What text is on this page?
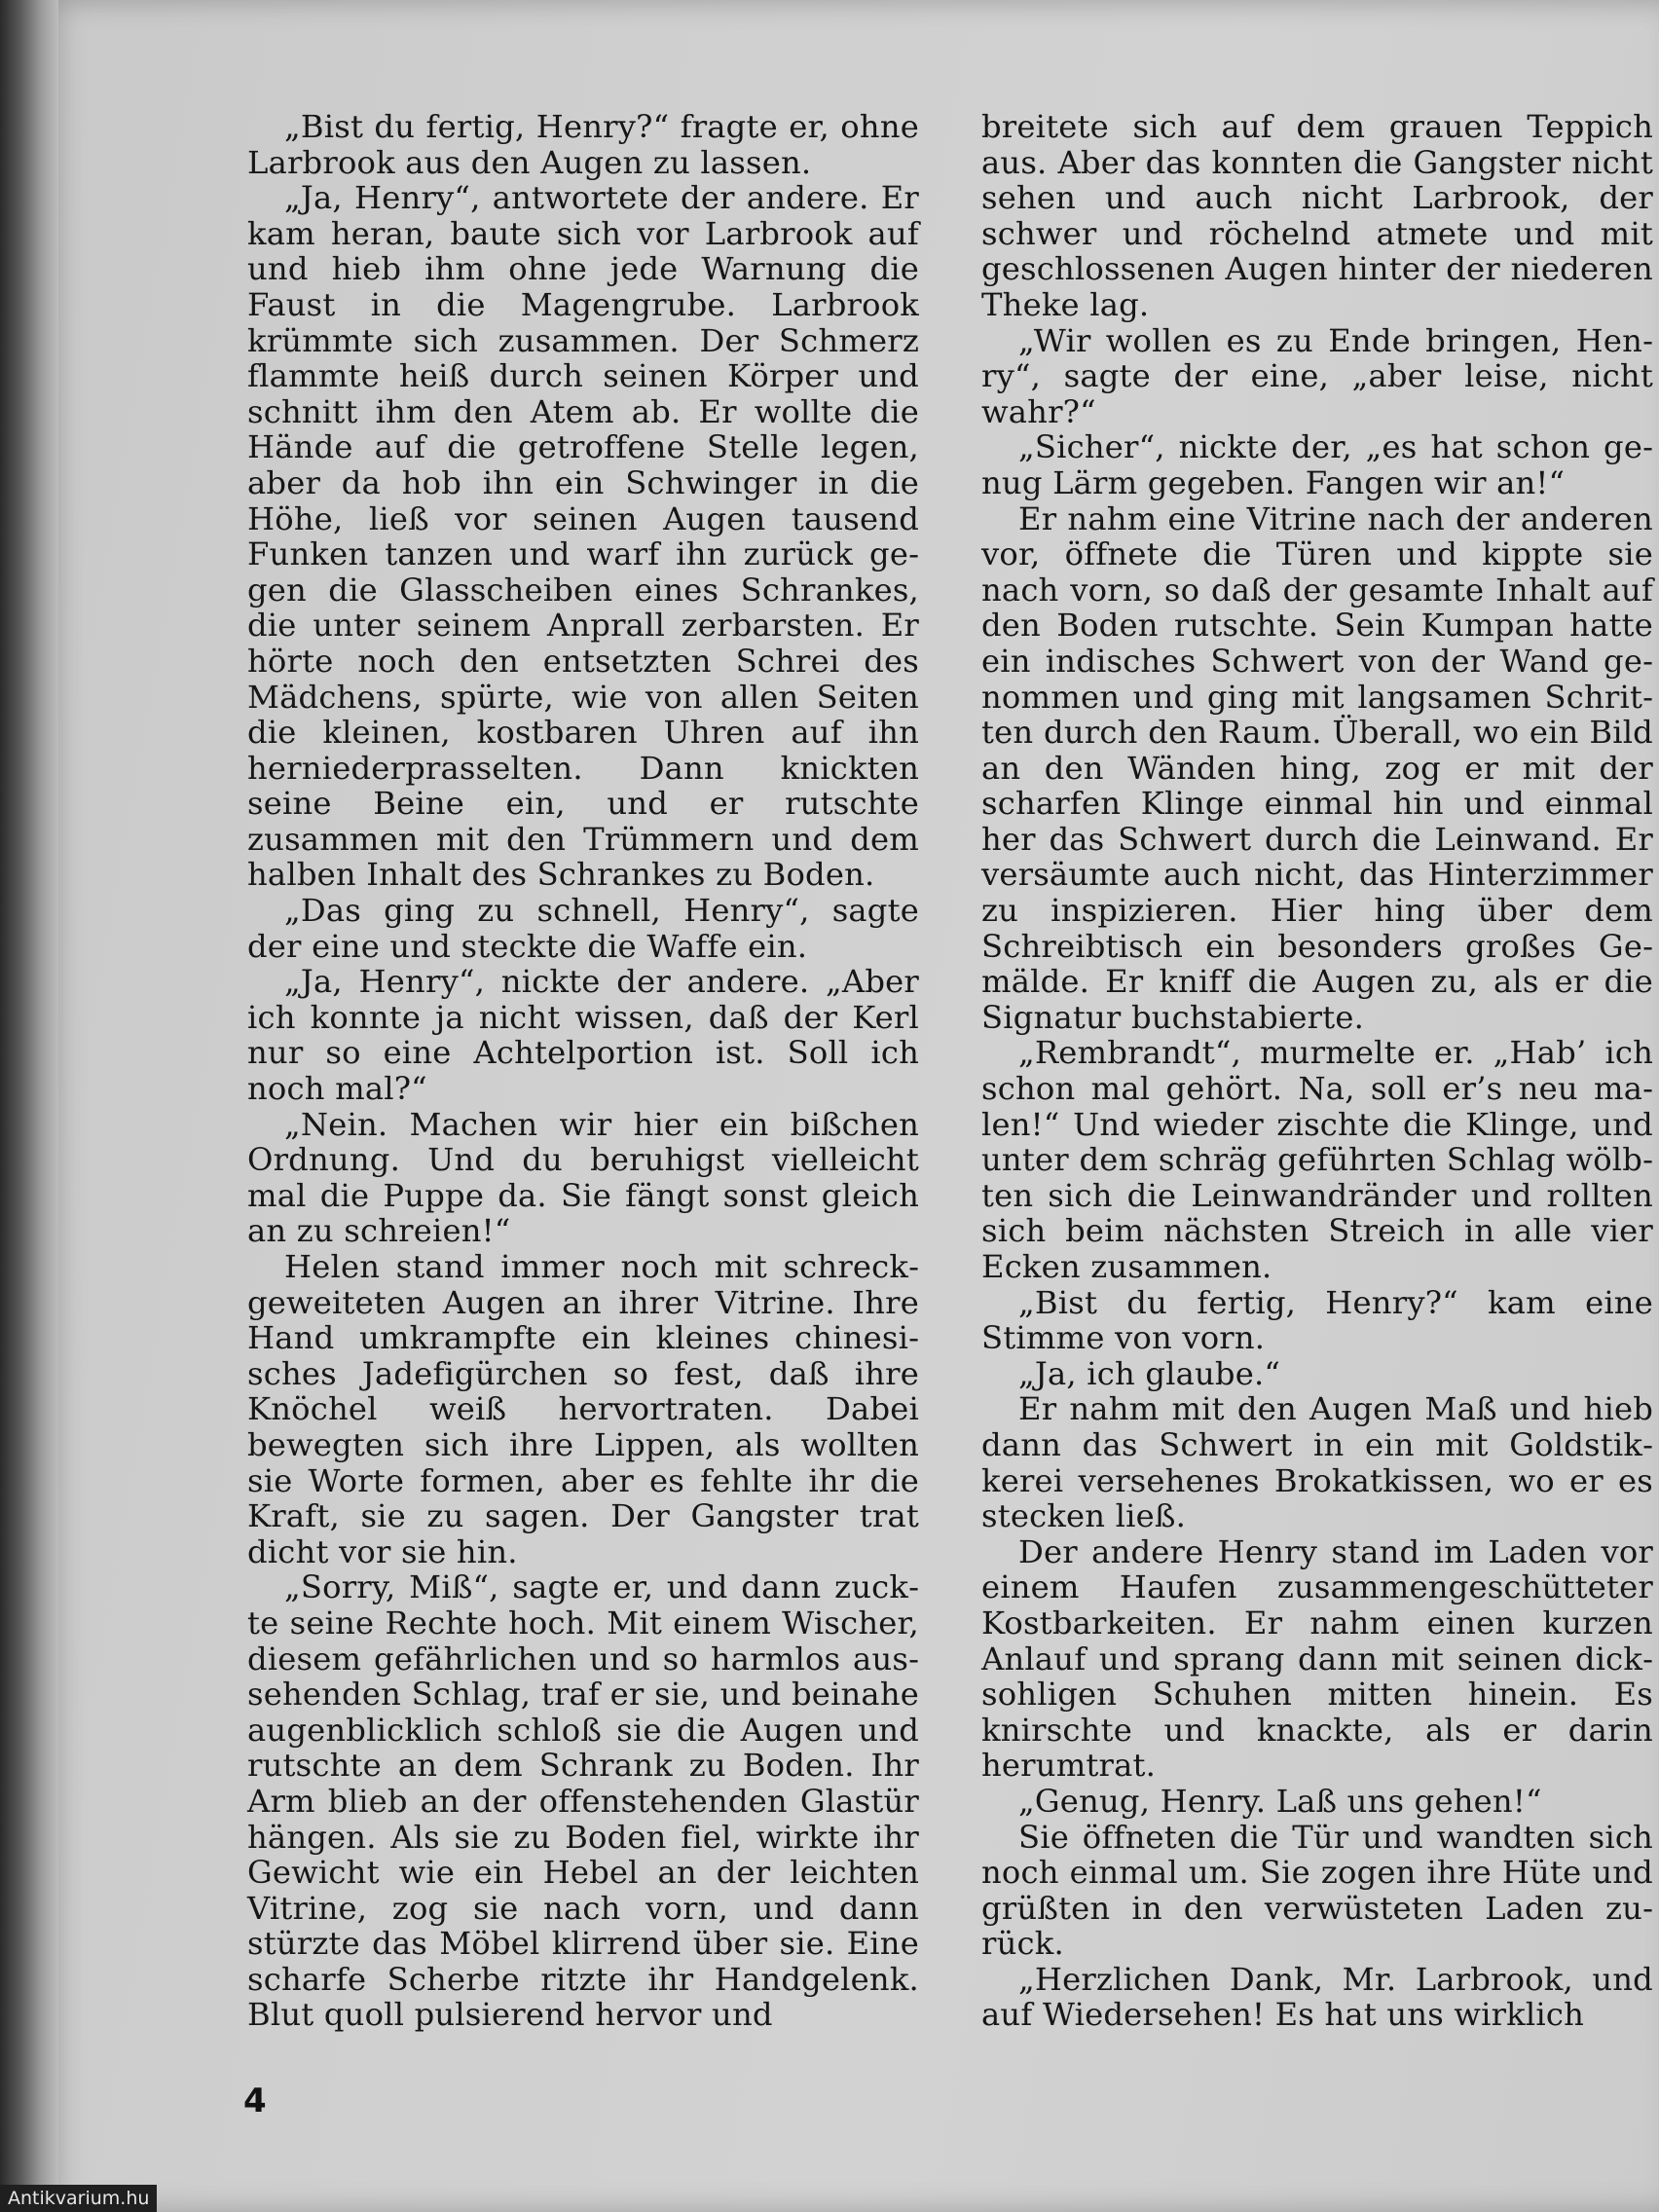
„Bist du fertig, Henry?“ fragte er, ohne Larbrook aus den Augen zu lassen.

„Ja, Henry“, antwortete der andere. Er kam heran, baute sich vor Larbrook auf und hieb ihm ohne jede Warnung die Faust in die Magengrube. Larbrook krümmte sich zusammen. Der Schmerz flammte heiß durch seinen Körper und schnitt ihm den Atem ab. Er wollte die Hände auf die getroffene Stelle legen, aber da hob ihn ein Schwinger in die Höhe, ließ vor seinen Augen tausend Funken tanzen und warf ihn zurück gegen die Glasscheiben eines Schrankes, die unter seinem Anprall zerbarsten. Er hörte noch den entsetzten Schrei des Mädchens, spürte, wie von allen Seiten die kleinen, kostbaren Uhren auf ihn herniederprasselten. Dann knickten seine Beine ein, und er rutschte zusammen mit den Trümmern und dem halben Inhalt des Schrankes zu Boden.

„Das ging zu schnell, Henry“, sagte der eine und steckte die Waffe ein.

„Ja, Henry“, nickte der andere. „Aber ich konnte ja nicht wissen, daß der Kerl nur so eine Achtelportion ist. Soll ich noch mal?“

„Nein. Machen wir hier ein bißchen Ordnung. Und du beruhigst vielleicht mal die Puppe da. Sie fängt sonst gleich an zu schreien!“

Helen stand immer noch mit schreckgeweiteten Augen an ihrer Vitrine. Ihre Hand umkrampfte ein kleines chinesisches Jadefigürchen so fest, daß ihre Knöchel weiß hervortraten. Dabei bewegten sich ihre Lippen, als wollten sie Worte formen, aber es fehlte ihr die Kraft, sie zu sagen. Der Gangster trat dicht vor sie hin.

„Sorry, Miß“, sagte er, und dann zuckte seine Rechte hoch. Mit einem Wischer, diesem gefährlichen und so harmlos aussehenden Schlag, traf er sie, und beinahe augenblicklich schloß sie die Augen und rutschte an dem Schrank zu Boden. Ihr Arm blieb an der offenstehenden Glastür hängen. Als sie zu Boden fiel, wirkte ihr Gewicht wie ein Hebel an der leichten Vitrine, zog sie nach vorn, und dann stürzte das Möbel klirrend über sie. Eine scharfe Scherbe ritzte ihr Handgelenk. Blut quoll pulsierend hervor und

breitete sich auf dem grauen Teppich aus. Aber das konnten die Gangster nicht sehen und auch nicht Larbrook, der schwer und röchelnd atmete und mit geschlossenen Augen hinter der niederen Theke lag.

„Wir wollen es zu Ende bringen, Henry“, sagte der eine, „aber leise, nicht wahr?“

„Sicher“, nickte der, „es hat schon genug Lärm gegeben. Fangen wir an!“

Er nahm eine Vitrine nach der anderen vor, öffnete die Türen und kippte sie nach vorn, so daß der gesamte Inhalt auf den Boden rutschte. Sein Kumpan hatte ein indisches Schwert von der Wand genommen und ging mit langsamen Schritten durch den Raum. Überall, wo ein Bild an den Wänden hing, zog er mit der scharfen Klinge einmal hin und einmal her das Schwert durch die Leinwand. Er versäumte auch nicht, das Hinterzimmer zu inspizieren. Hier hing über dem Schreibtisch ein besonders großes Gemälde. Er kniff die Augen zu, als er die Signatur buchstabierte.

„Rembrandt“, murmelte er. „Hab’ ich schon mal gehört. Na, soll er’s neu malen!“ Und wieder zischte die Klinge, und unter dem schräg geführten Schlag wölbten sich die Leinwandränder und rollten sich beim nächsten Streich in alle vier Ecken zusammen.

„Bist du fertig, Henry?“ kam eine Stimme von vorn.

„Ja, ich glaube.“

Er nahm mit den Augen Maß und hieb dann das Schwert in ein mit Goldstikkerei versehenes Brokatkissen, wo er es stecken ließ.

Der andere Henry stand im Laden vor einem Haufen zusammengeschütteter Kostbarkeiten. Er nahm einen kurzen Anlauf und sprang dann mit seinen dicksohligen Schuhen mitten hinein. Es knirschte und knackte, als er darin herumtrat.

„Genug, Henry. Laß uns gehen!“

Sie öffneten die Tür und wandten sich noch einmal um. Sie zogen ihre Hüte und grüßten in den verwüsteten Laden zurück.

„Herzlichen Dank, Mr. Larbrook, und auf Wiedersehen! Es hat uns wirklich

4
Antikvarium.hu
